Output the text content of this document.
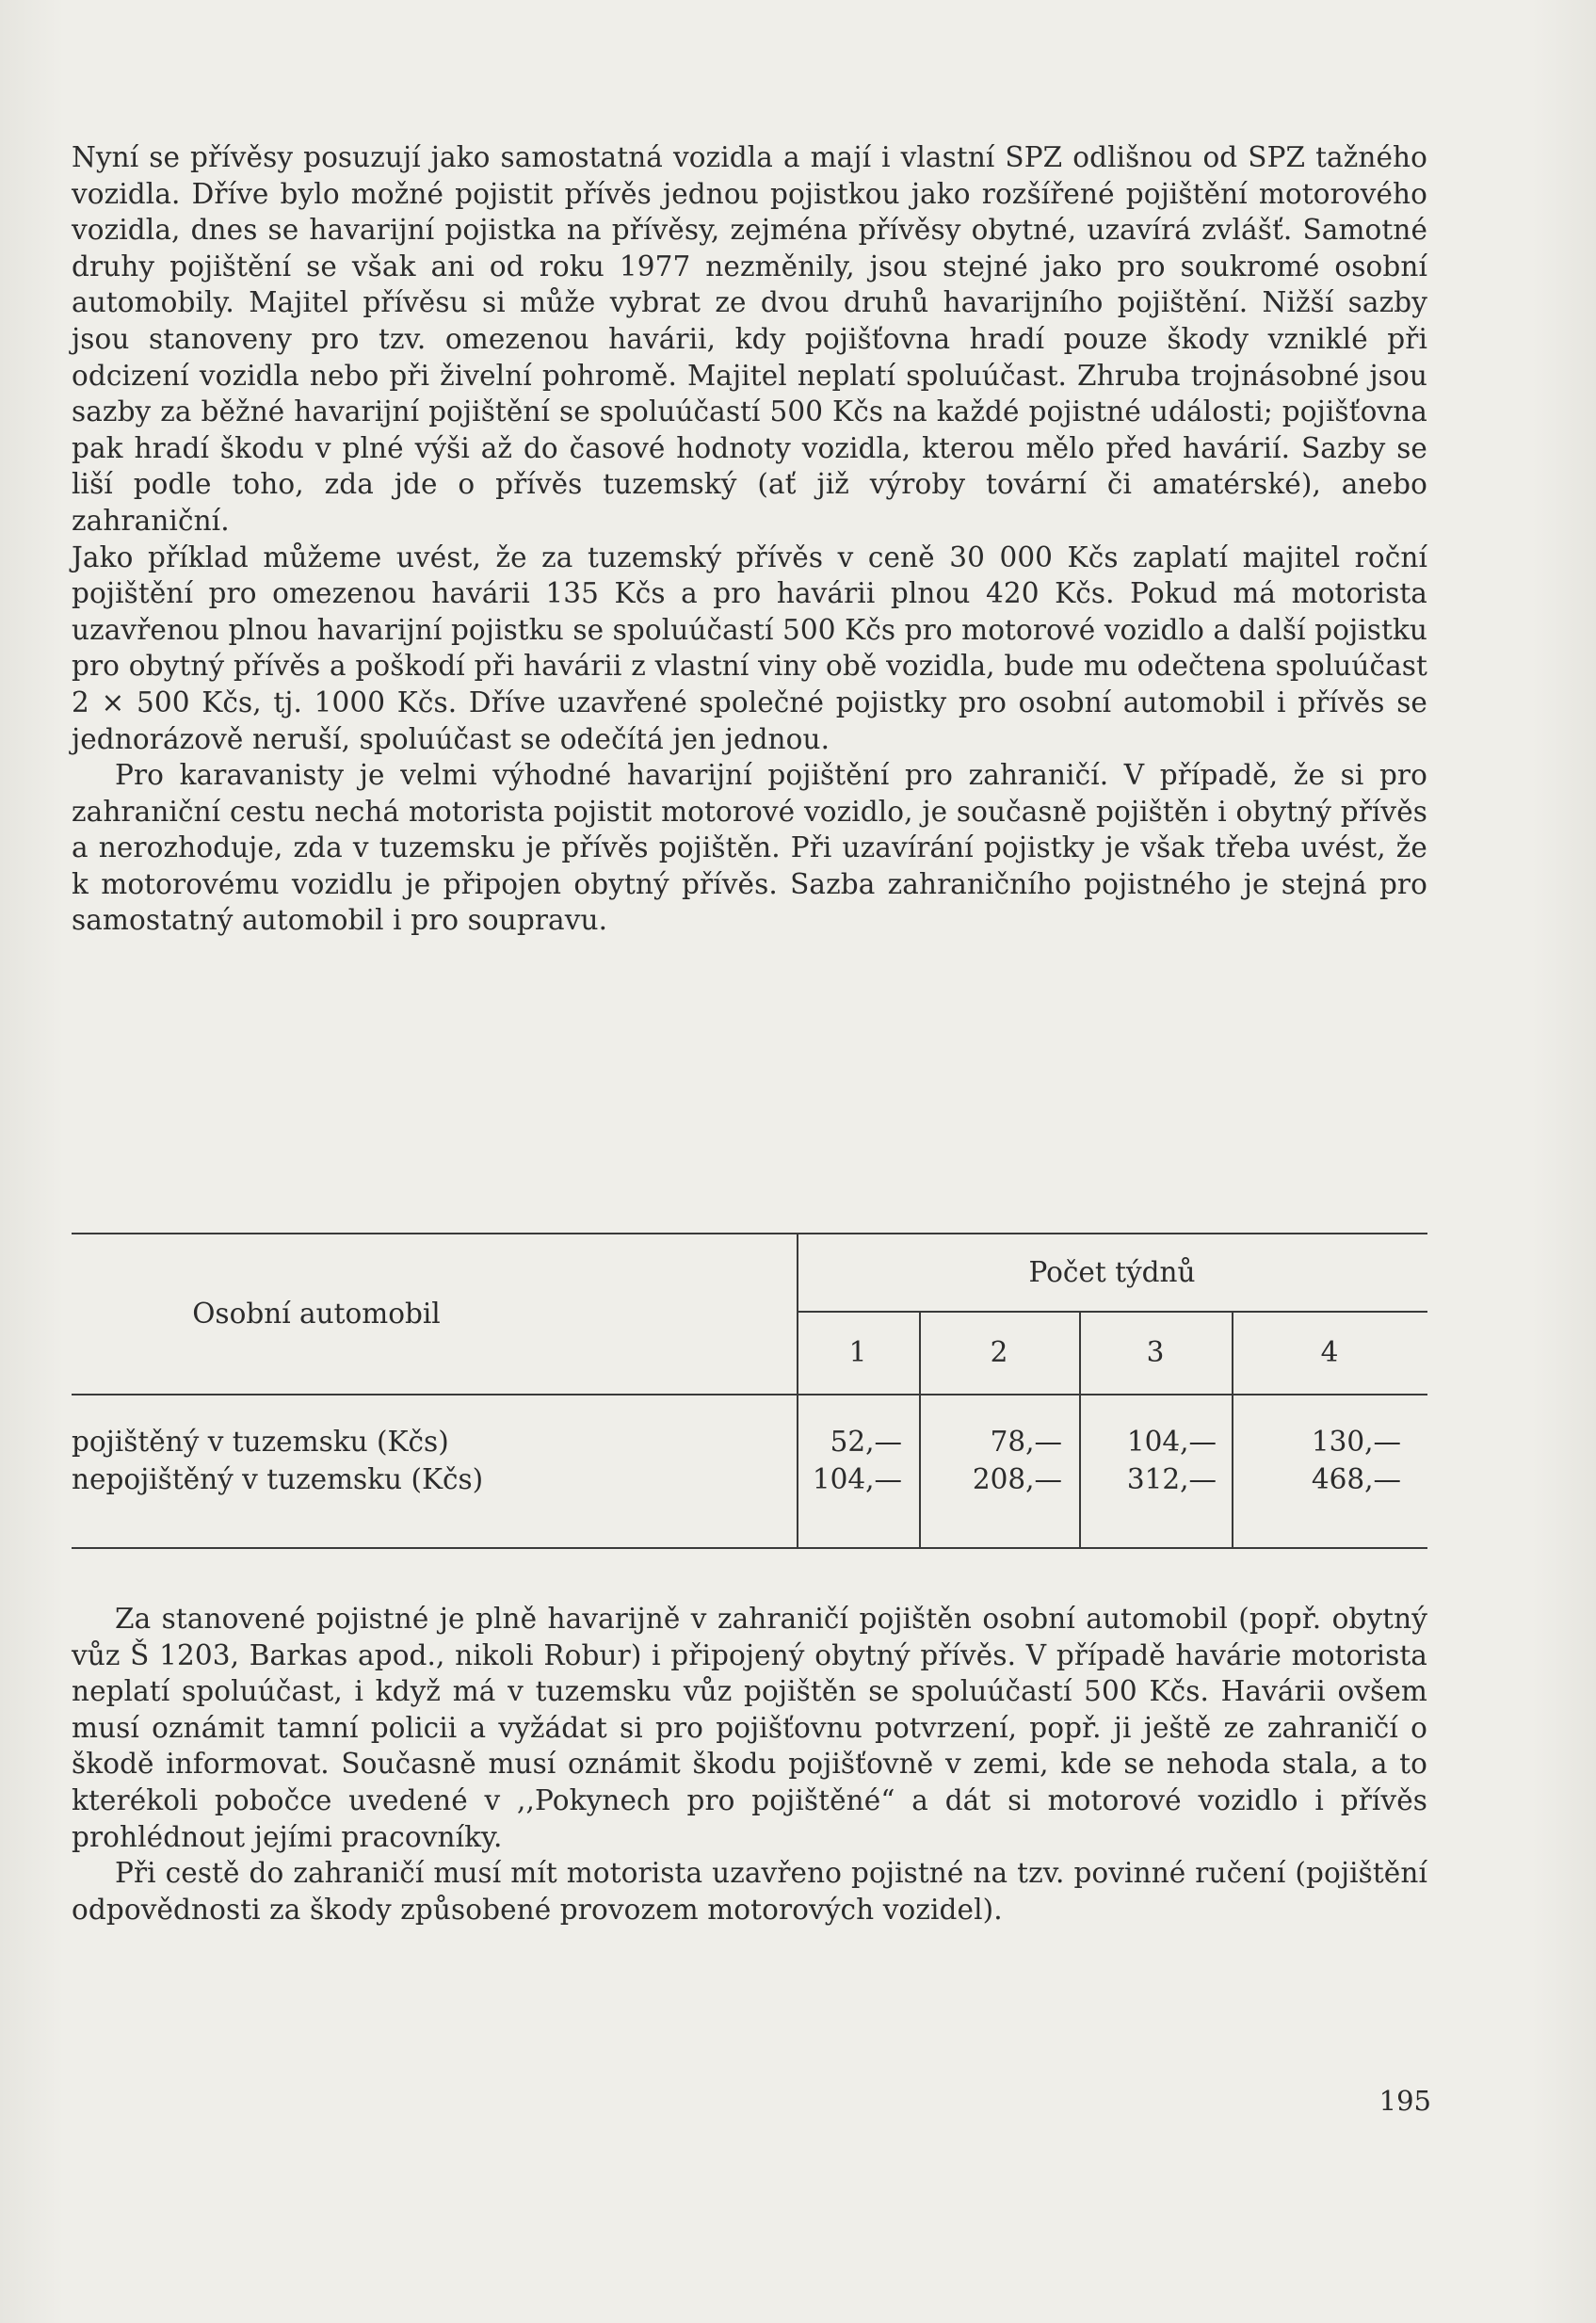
Nyní se přívěsy posuzují jako samostatná vozidla a mají i vlastní SPZ odlišnou od SPZ tažného vozidla. Dříve bylo možné pojistit přívěs jednou pojistkou jako rozšířené pojištění motorového vozidla, dnes se havarijní pojistka na přívěsy, zejména přívěsy obytné, uzavírá zvlášť. Samotné druhy pojištění se však ani od roku 1977 nezměnily, jsou stejné jako pro soukromé osobní automobily. Majitel přívěsu si může vybrat ze dvou druhů havarijního pojištění. Nižší sazby jsou stanoveny pro tzv. omezenou havárii, kdy pojišťovna hradí pouze škody vzniklé při odcizení vozidla nebo při živelní pohromě. Majitel neplatí spoluúčast. Zhruba trojnásobné jsou sazby za běžné havarijní pojištění se spoluúčastí 500 Kčs na každé pojistné události; pojišťovna pak hradí škodu v plné výši až do časové hodnoty vozidla, kterou mělo před havárií. Sazby se liší podle toho, zda jde o přívěs tuzemský (ať již výroby tovární či amatérské), anebo zahraniční.

Jako příklad můžeme uvést, že za tuzemský přívěs v ceně 30 000 Kčs zaplatí majitel roční pojištění pro omezenou havárii 135 Kčs a pro havárii plnou 420 Kčs. Pokud má motorista uzavřenou plnou havarijní pojistku se spoluúčastí 500 Kčs pro motorové vozidlo a další pojistku pro obytný přívěs a poškodí při havárii z vlastní viny obě vozidla, bude mu odečtena spoluúčast 2 × 500 Kčs, tj. 1000 Kčs. Dříve uzavřené společné pojistky pro osobní automobil i přívěs se jednorázově neruší, spoluúčast se odečítá jen jednou.

Pro karavanisty je velmi výhodné havarijní pojištění pro zahraničí. V případě, že si pro zahraniční cestu nechá motorista pojistit motorové vozidlo, je současně pojištěn i obytný přívěs a nerozhoduje, zda v tuzemsku je přívěs pojištěn. Při uzavírání pojistky je však třeba uvést, že k motorovému vozidlu je připojen obytný přívěs. Sazba zahraničního pojistného je stejná pro samostatný automobil i pro soupravu.

Osobní automobil
Počet týdnů
1	2	3	4
pojištěný v tuzemsku (Kčs)	52,—	78,—	104,—	130,—
nepojištěný v tuzemsku (Kčs)	104,—	208,—	312,—	468,—

Za stanovené pojistné je plně havarijně v zahraničí pojištěn osobní automobil (popř. obytný vůz Š 1203, Barkas apod., nikoli Robur) i připojený obytný přívěs. V případě havárie motorista neplatí spoluúčast, i když má v tuzemsku vůz pojištěn se spoluúčastí 500 Kčs. Havárii ovšem musí oznámit tamní policii a vyžádat si pro pojišťovnu potvrzení, popř. ji ještě ze zahraničí o škodě informovat. Současně musí oznámit škodu pojišťovně v zemi, kde se nehoda stala, a to kterékoli pobočce uvedené v ,,Pokynech pro pojištěné“ a dát si motorové vozidlo i přívěs prohlédnout jejími pracovníky.

Při cestě do zahraničí musí mít motorista uzavřeno pojistné na tzv. povinné ručení (pojištění odpovědnosti za škody způsobené provozem motorových vozidel).

195
